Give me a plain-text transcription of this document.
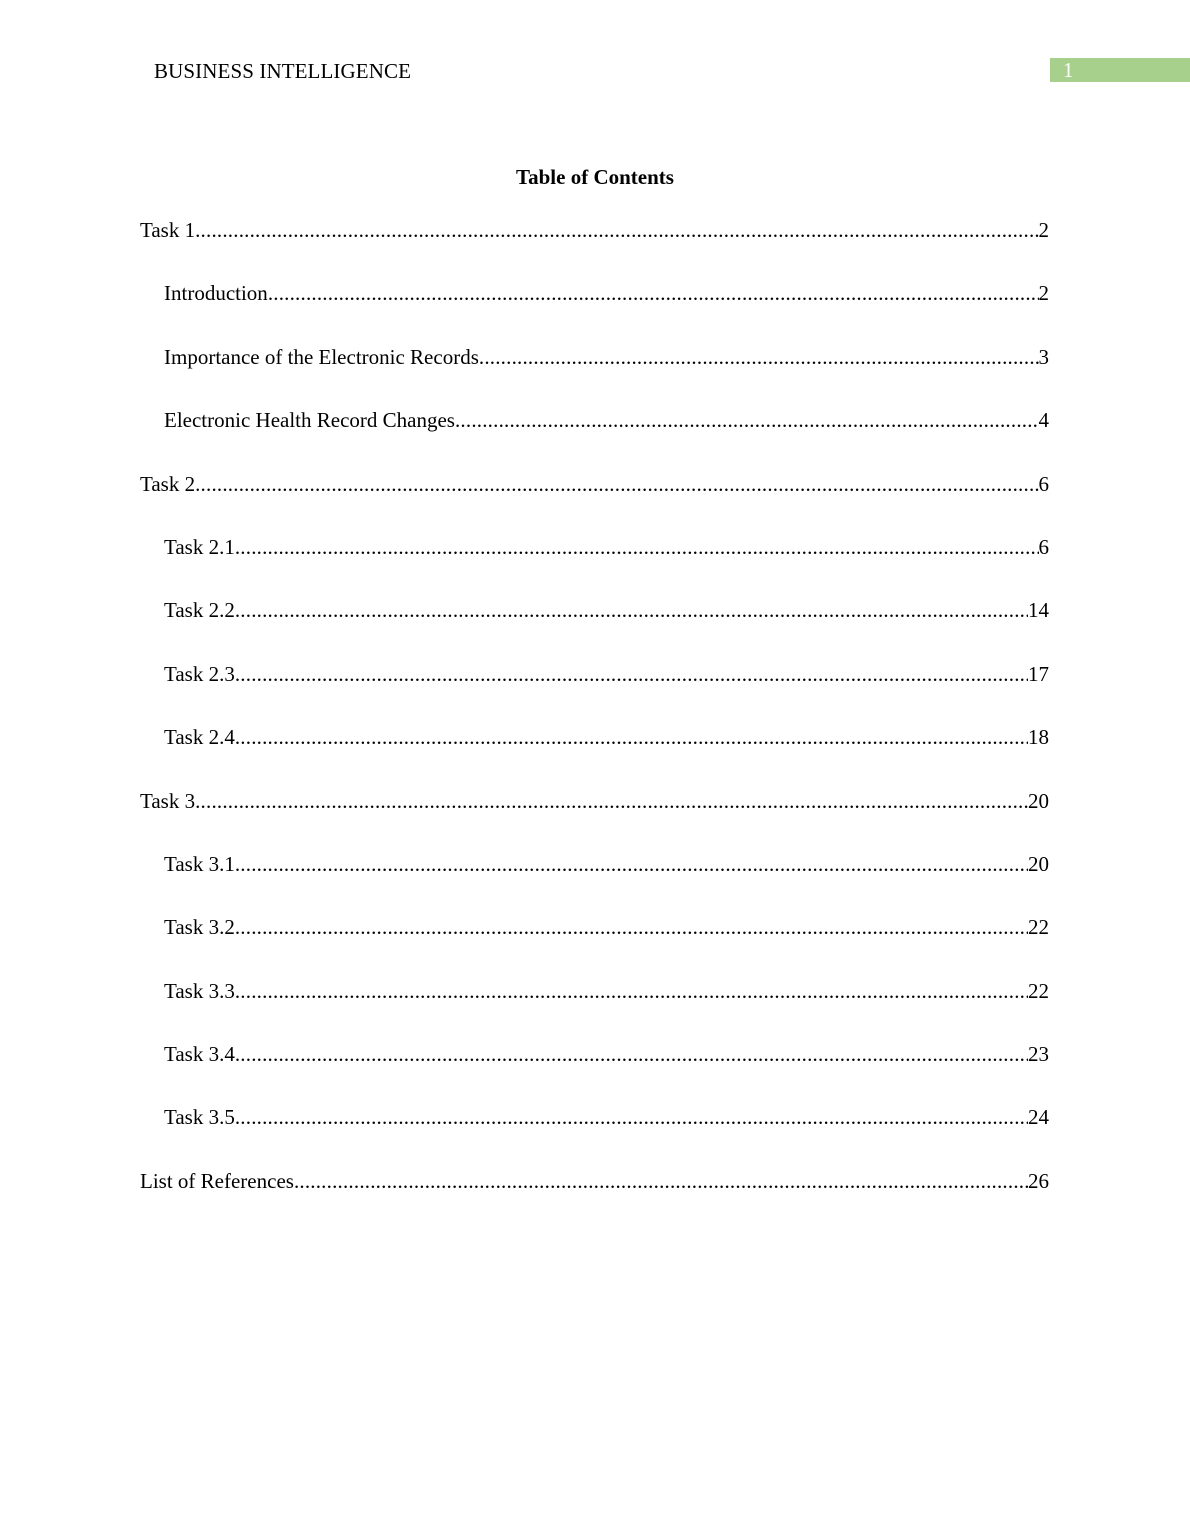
BUSINESS INTELLIGENCE	1
Table of Contents
Task 1 .....	2
Introduction .....	2
Importance of the Electronic Records .....	3
Electronic Health Record Changes .....	4
Task 2 .....	6
Task 2.1 .....	6
Task 2.2 .....	14
Task 2.3 .....	17
Task 2.4 .....	18
Task 3 .....	20
Task 3.1 .....	20
Task 3.2 .....	22
Task 3.3 .....	22
Task 3.4 .....	23
Task 3.5 .....	24
List of References .....	26
